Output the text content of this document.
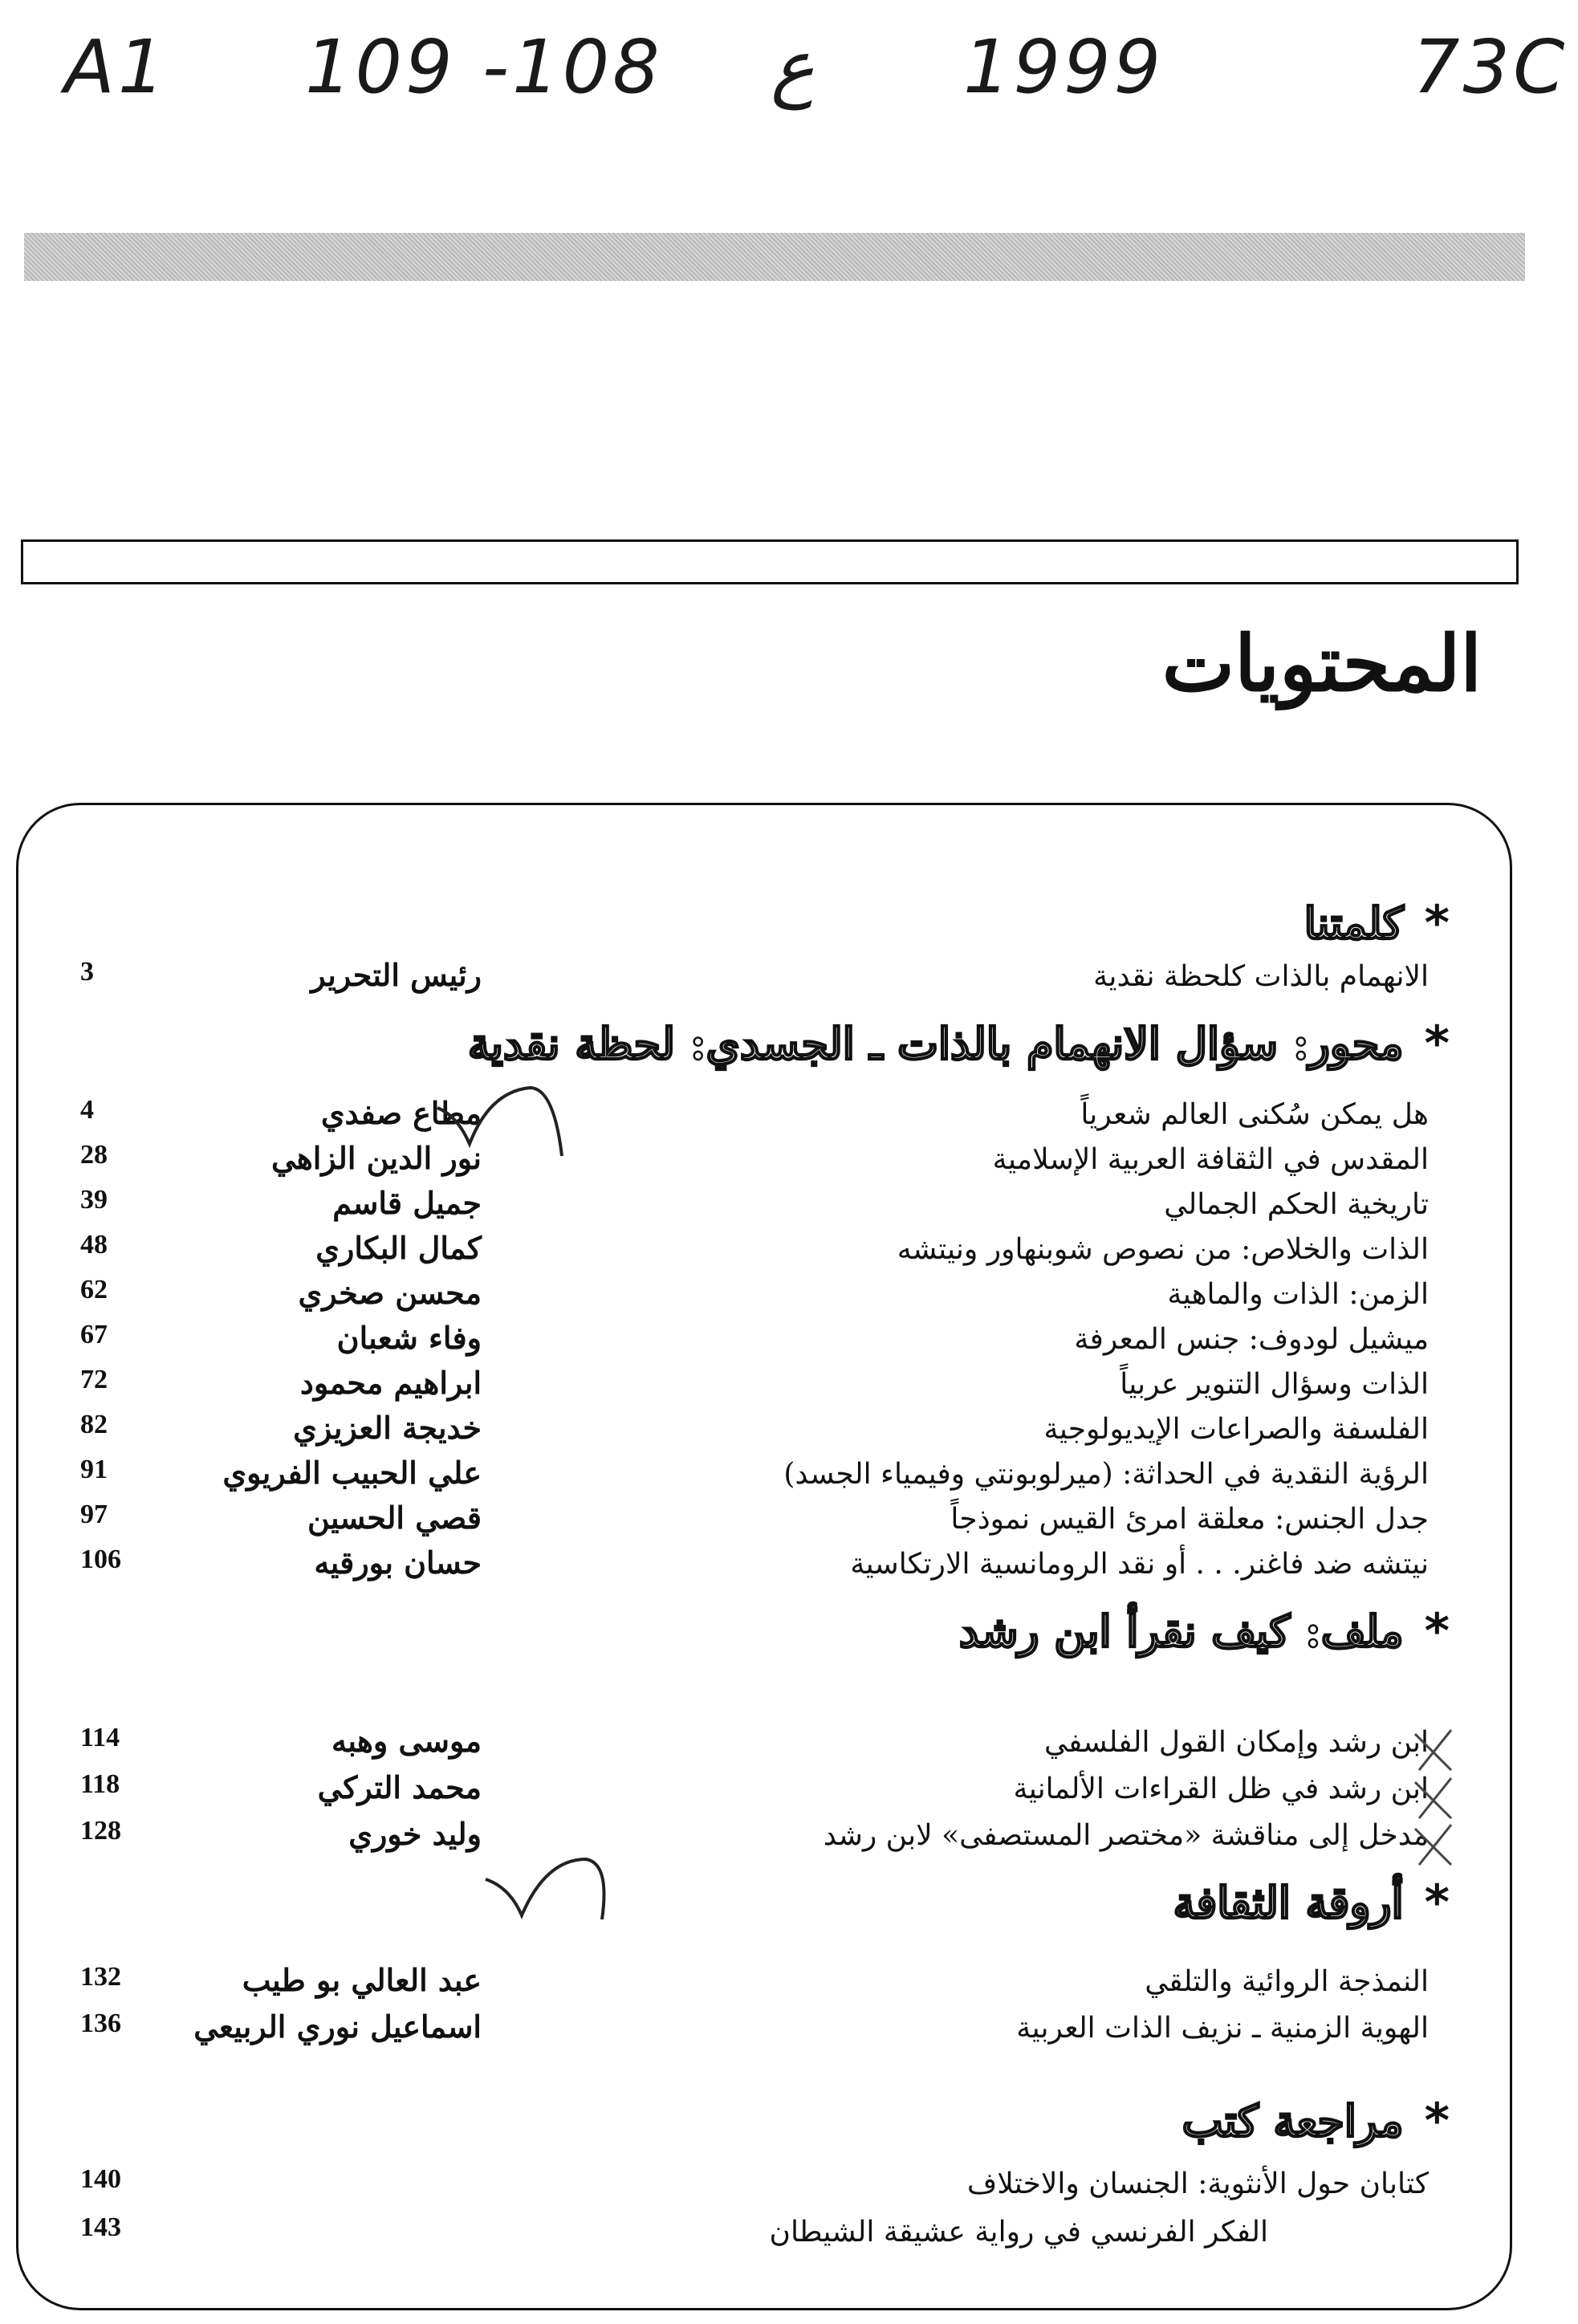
A1 109 -108 ع 1999	73C
المحتويات
*
كلمتنا
الانهمام بالذات كلحظة نقدية
رئيس التحرير
3
*
محور: سؤال الانهمام بالذات ـ الجسدي: لحظة نقدية
هل يمكن سُكنى العالم شعرياً
مطاع صفدي
4
المقدس في الثقافة العربية الإسلامية
نور الدين الزاهي
28
تاريخية الحكم الجمالي
جميل قاسم
39
الذات والخلاص: من نصوص شوبنهاور ونيتشه
كمال البكاري
48
الزمن: الذات والماهية
محسن صخري
62
ميشيل لودوف: جنس المعرفة
وفاء شعبان
67
الذات وسؤال التنوير عربياً
ابراهيم محمود
72
الفلسفة والصراعات الإيديولوجية
خديجة العزيزي
82
الرؤية النقدية في الحداثة: (ميرلوبونتي وفيمياء الجسد)
علي الحبيب الفريوي
91
جدل الجنس: معلقة امرئ القيس نموذجاً
قصي الحسين
97
نيتشه ضد فاغنر. . . أو نقد الرومانسية الارتكاسية
حسان بورقيه
106
*
ملف: كيف نقرأ ابن رشد
ابن رشد وإمكان القول الفلسفي
موسى وهبه
114
ابن رشد في ظل القراءات الألمانية
محمد التركي
118
مدخل إلى مناقشة «مختصر المستصفى» لابن رشد
وليد خوري
128
*
أروقة الثقافة
النمذجة الروائية والتلقي
عبد العالي بو طيب
132
الهوية الزمنية ـ نزيف الذات العربية
اسماعيل نوري الربيعي
136
*
مراجعة كتب
كتابان حول الأنثوية: الجنسان والاختلاف
140
الفكر الفرنسي في رواية عشيقة الشيطان
143
